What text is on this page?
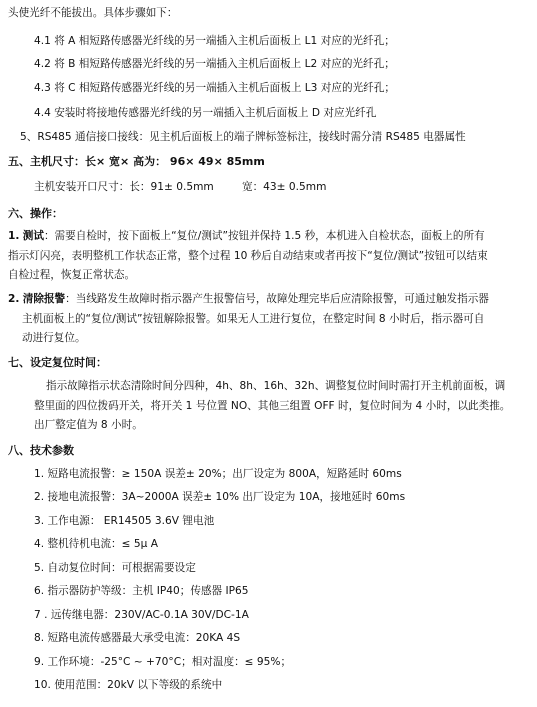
头使光纤不能拔出。具体步骤如下：
4.1 将 A 相短路传感器光纤线的另一端插入主机后面板上 L1 对应的光纤孔；
4.2 将 B 相短路传感器光纤线的另一端插入主机后面板上 L2 对应的光纤孔；
4.3 将 C 相短路传感器光纤线的另一端插入主机后面板上 L3 对应的光纤孔；
4.4 安装时将接地传感器光纤线的另一端插入主机后面板上 D 对应光纤孔
5、RS485 通信接口接线：见主机后面板上的端子牌标签标注，接线时需分清 RS485 电器属性
五、主机尺寸：长× 宽× 高为： 96× 49× 85mm
主机安装开口尺寸：长：91± 0.5mm	宽：43± 0.5mm
六、操作：
1. 测试：需要自检时，按下面板上“复位/测试”按钮并保持 1.5 秒，本机进入自检状态，面板上的所有
指示灯闪亮，表明整机工作状态正常，整个过程 10 秒后自动结束或者再按下“复位/测试”按钮可以结束
自检过程，恢复正常状态。
2. 清除报警：当线路发生故障时指示器产生报警信号，故障处理完毕后应清除报警，可通过触发指示器
主机面板上的“复位/测试”按钮解除报警。如果无人工进行复位，在整定时间 8 小时后，指示器可自
动进行复位。
七、设定复位时间：
指示故障指示状态清除时间分四种，4h、8h、16h、32h、调整复位时间时需打开主机前面板，调
整里面的四位拨码开关，将开关 1 号位置 NO、其他三组置 OFF 时，复位时间为 4 小时，以此类推。
出厂整定值为 8 小时。
八、技术参数
1. 短路电流报警：≥ 150A 误差± 20%；出厂设定为 800A，短路延时 60ms
2. 接地电流报警：3A~2000A 误差± 10% 出厂设定为 10A，接地延时 60ms
3. 工作电源： ER14505 3.6V 锂电池
4. 整机待机电流：≤ 5μ A
5. 自动复位时间：可根据需要设定
6. 指示器防护等级：主机 IP40；传感器 IP65
7 . 远传继电器：230V/AC-0.1A 30V/DC-1A
8. 短路电流传感器最大承受电流：20KA 4S
9. 工作环境：-25°C ~ +70°C；相对温度：≤ 95%；
10. 使用范围：20kV 以下等级的系统中
